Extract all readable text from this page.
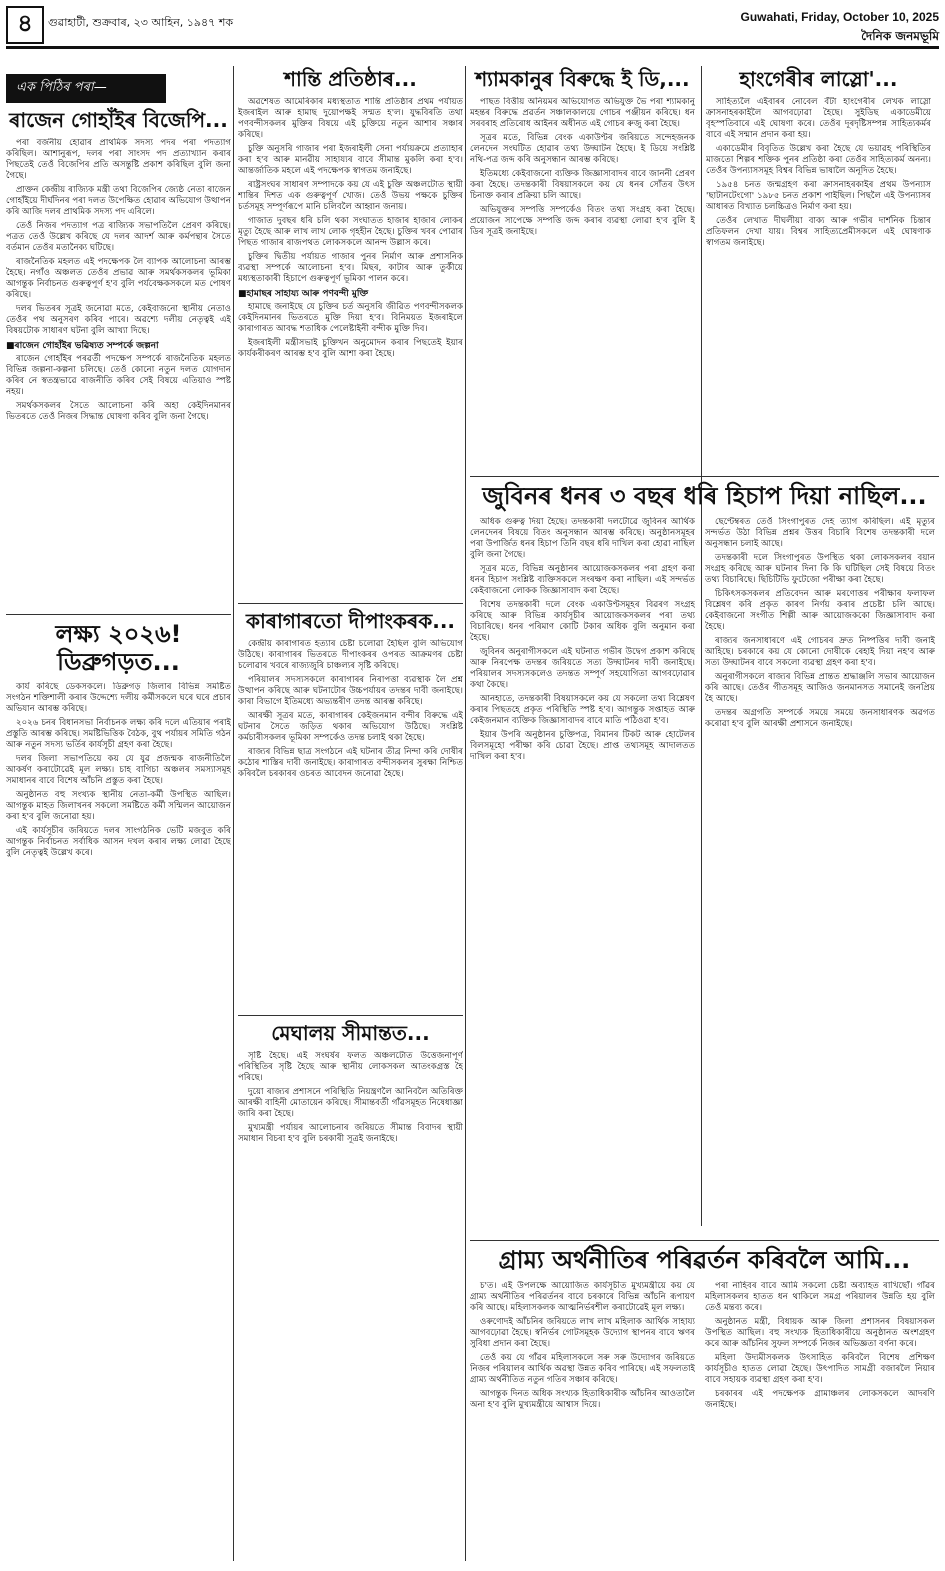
৪	গুৱাহাটী, শুক্ৰবাৰ, ২৩ আহিন, ১৯৪৭ শক	Guwahati, Friday, October 10, 2025
দৈনিক জনমভূমি
এক পিঠিৰ পৰা—
ৰাজেন গোহাঁইৰ বিজেপি...

পৰা বৰ্জনীয় হোৱাৰ প্ৰাথমিক সদস্য পদৰ পৰা পদত্যাগ কৰিছিল। আশানুৰূপ, দলৰ পৰা সাংসদ পদ প্ৰত্যাখ্যান কৰাৰ পিছতেই তেওঁ বিজেপিৰ প্ৰতি অসন্তুষ্টি প্ৰকাশ কৰিছিল বুলি জনা গৈছে।

প্ৰাক্তন কেন্দ্ৰীয় ৰাজ্যিক মন্ত্ৰী তথা বিজেপিৰ জ্যেষ্ঠ নেতা ৰাজেন গোহাঁইয়ে দীৰ্ঘদিনৰ পৰা দলত উপেক্ষিত হোৱাৰ অভিযোগ উত্থাপন কৰি আজি দলৰ প্ৰাথমিক সদস্য পদ এৰিলে।

তেওঁ নিজৰ পদত্যাগ পত্ৰ ৰাজ্যিক সভাপতিলৈ প্ৰেৰণ কৰিছে। পত্ৰত তেওঁ উল্লেখ কৰিছে যে দলৰ আদৰ্শ আৰু কৰ্মপন্থাৰ সৈতে বৰ্তমান তেওঁৰ মতানৈক্য ঘটিছে।

ৰাজনৈতিক মহলত এই পদক্ষেপক লৈ ব্যাপক আলোচনা আৰম্ভ হৈছে। নগাঁও অঞ্চলত তেওঁৰ প্ৰভাৱ আৰু সমৰ্থকসকলৰ ভূমিকা আগন্তুক নিৰ্বাচনত গুৰুত্বপূৰ্ণ হ'ব বুলি পৰ্যবেক্ষকসকলে মত পোষণ কৰিছে।

দলৰ ভিতৰৰ সূত্ৰই জনোৱা মতে, কেইবাজনো স্থানীয় নেতাও তেওঁৰ পথ অনুসৰণ কৰিব পাৰে। অৱশ্যে দলীয় নেতৃত্বই এই বিষয়টোক সাধাৰণ ঘটনা বুলি আখ্যা দিছে।

■ৰাজেন গোহাঁইৰ ভৱিষ্যত সম্পৰ্কে জল্পনা

ৰাজেন গোহাঁইৰ পৰৱৰ্তী পদক্ষেপ সম্পৰ্কে ৰাজনৈতিক মহলত বিভিন্ন জল্পনা-কল্পনা চলিছে। তেওঁ কোনো নতুন দলত যোগদান কৰিব নে স্বতন্ত্ৰভাৱে ৰাজনীতি কৰিব সেই বিষয়ে এতিয়াও স্পষ্ট নহয়।

সমৰ্থকসকলৰ সৈতে আলোচনা কৰি অহা কেইদিনমানৰ ভিতৰতে তেওঁ নিজৰ সিদ্ধান্ত ঘোষণা কৰিব বুলি জনা গৈছে।

লক্ষ্য ২০২৬! ডিব্ৰুগড়ত...

কাৰ্য কৰিছে ডেকসকলে। ডিব্ৰুগড় জিলাৰ বিভিন্ন সমষ্টিত সংগঠন শক্তিশালী কৰাৰ উদ্দেশ্যে দলীয় কৰ্মীসকলে ঘৰে ঘৰে প্ৰচাৰ অভিযান আৰম্ভ কৰিছে।

২০২৬ চনৰ বিধানসভা নিৰ্বাচনক লক্ষ্য কৰি দলে এতিয়াৰ পৰাই প্ৰস্তুতি আৰম্ভ কৰিছে। সমষ্টিভিত্তিক বৈঠক, বুথ পৰ্যায়ৰ সমিতি গঠন আৰু নতুন সদস্য ভৰ্তিৰ কাৰ্যসূচী গ্ৰহণ কৰা হৈছে।

দলৰ জিলা সভাপতিয়ে কয় যে যুৱ প্ৰজন্মক ৰাজনীতিলৈ আকৰ্ষণ কৰাটোৱেই মূল লক্ষ্য। চাহ বাগিচা অঞ্চলৰ সমস্যাসমূহ সমাধানৰ বাবে বিশেষ আঁচনি প্ৰস্তুত কৰা হৈছে।

অনুষ্ঠানত বহু সংখ্যক স্থানীয় নেতা-কৰ্মী উপস্থিত আছিল। আগন্তুক মাহত জিলাখনৰ সকলো সমষ্টিতে কৰ্মী সন্মিলন আয়োজন কৰা হ'ব বুলি জনোৱা হয়।

এই কাৰ্যসূচীৰ জৰিয়তে দলৰ সাংগঠনিক ভেটি মজবুত কৰি আগন্তুক নিৰ্বাচনত সৰ্বাধিক আসন দখল কৰাৰ লক্ষ্য লোৱা হৈছে বুলি নেতৃত্বই উল্লেখ কৰে।

শান্তি প্ৰতিষ্ঠাৰ...

অৱশেষত আমেৰিকাৰ মধ্যস্থতাত শান্তি প্ৰতিষ্ঠাৰ প্ৰথম পৰ্যায়ত ইজৰাইল আৰু হামাছ দুয়োপক্ষই সন্মত হ'ল। যুদ্ধবিৰতি তথা পণবন্দীসকলৰ মুক্তিৰ বিষয়ে এই চুক্তিয়ে নতুন আশাৰ সঞ্চাৰ কৰিছে।

চুক্তি অনুসৰি গাজাৰ পৰা ইজৰাইলী সেনা পৰ্যায়ক্ৰমে প্ৰত্যাহাৰ কৰা হ'ব আৰু মানৱীয় সাহায্যৰ বাবে সীমান্ত মুকলি কৰা হ'ব। আন্তৰ্জাতিক মহলে এই পদক্ষেপক স্বাগতম জনাইছে।

ৰাষ্ট্ৰসংঘৰ সাধাৰণ সম্পাদকে কয় যে এই চুক্তি অঞ্চলটোত স্থায়ী শান্তিৰ দিশত এক গুৰুত্বপূৰ্ণ খোজ। তেওঁ উভয় পক্ষকে চুক্তিৰ চৰ্তসমূহ সম্পূৰ্ণৰূপে মানি চলিবলৈ আহ্বান জনায়।

গাজাত দুবছৰ ধৰি চলি থকা সংঘাতত হাজাৰ হাজাৰ লোকৰ মৃত্যু হৈছে আৰু লাখ লাখ লোক গৃহহীন হৈছে। চুক্তিৰ খবৰ পোৱাৰ পিছত গাজাৰ ৰাজপথত লোকসকলে আনন্দ উল্লাস কৰে।

চুক্তিৰ দ্বিতীয় পৰ্যায়ত গাজাৰ পুনৰ নিৰ্মাণ আৰু প্ৰশাসনিক ব্যৱস্থা সম্পৰ্কে আলোচনা হ'ব। মিছৰ, কাটাৰ আৰু তুৰ্কীয়ে মধ্যস্থতাকাৰী হিচাপে গুৰুত্বপূৰ্ণ ভূমিকা পালন কৰে।

■হামাছৰ সাহায্য আৰু পণবন্দী মুক্তি

হামাছে জনাইছে যে চুক্তিৰ চৰ্ত অনুসৰি জীৱিত পণবন্দীসকলক কেইদিনমানৰ ভিতৰতে মুক্তি দিয়া হ'ব। বিনিময়ত ইজৰাইলে কাৰাগাৰত আবদ্ধ শতাধিক পেলেষ্টাইনী বন্দীক মুক্তি দিব।

ইজৰাইলী মন্ত্ৰীসভাই চুক্তিখন অনুমোদন কৰাৰ পিছতেই ইয়াৰ কাৰ্যকৰীকৰণ আৰম্ভ হ'ব বুলি আশা কৰা হৈছে।

কাৰাগাৰতো দীপাংকৰক...

কেন্দ্ৰীয় কাৰাগাৰত হত্যাৰ চেষ্টা চলোৱা হৈছিল বুলি অভিযোগ উঠিছে। কাৰাগাৰৰ ভিতৰতে দীপাংকৰৰ ওপৰত আক্ৰমণৰ চেষ্টা চলোৱাৰ খবৰে ৰাজ্যজুৰি চাঞ্চল্যৰ সৃষ্টি কৰিছে।

পৰিয়ালৰ সদস্যসকলে কাৰাগাৰৰ নিৰাপত্তা ব্যৱস্থাক লৈ প্ৰশ্ন উত্থাপন কৰিছে আৰু ঘটনাটোৰ উচ্চপৰ্যায়ৰ তদন্তৰ দাবী জনাইছে। কাৰা বিভাগে ইতিমধ্যে অভ্যন্তৰীণ তদন্ত আৰম্ভ কৰিছে।

আৰক্ষী সূত্ৰৰ মতে, কাৰাগাৰৰ কেইজনমান বন্দীৰ বিৰুদ্ধে এই ঘটনাৰ সৈতে জড়িত থকাৰ অভিযোগ উঠিছে। সংশ্লিষ্ট কৰ্মচাৰীসকলৰ ভূমিকা সম্পৰ্কেও তদন্ত চলাই থকা হৈছে।

ৰাজ্যৰ বিভিন্ন ছাত্ৰ সংগঠনে এই ঘটনাৰ তীব্ৰ নিন্দা কৰি দোষীৰ কঠোৰ শাস্তিৰ দাবী জনাইছে। কাৰাগাৰত বন্দীসকলৰ সুৰক্ষা নিশ্চিত কৰিবলৈ চৰকাৰৰ ওচৰত আবেদন জনোৱা হৈছে।

মেঘালয় সীমান্তত...

সৃষ্টি হৈছে। এই সংঘৰ্ষৰ ফলত অঞ্চলটোত উত্তেজনাপূৰ্ণ পৰিস্থিতিৰ সৃষ্টি হৈছে আৰু স্থানীয় লোকসকল আতংকগ্ৰস্ত হৈ পৰিছে।

দুয়ো ৰাজ্যৰ প্ৰশাসনে পৰিস্থিতি নিয়ন্ত্ৰণলৈ আনিবলৈ অতিৰিক্ত আৰক্ষী বাহিনী মোতায়েন কৰিছে। সীমান্তবৰ্তী গাঁৱসমূহত নিষেধাজ্ঞা জাৰি কৰা হৈছে।

মুখ্যমন্ত্ৰী পৰ্যায়ৰ আলোচনাৰ জৰিয়তে সীমান্ত বিবাদৰ স্থায়ী সমাধান বিচৰা হ'ব বুলি চৰকাৰী সূত্ৰই জনাইছে।

শ্যামকানুৰ বিৰুদ্ধে ই ডি,...

পাছত বিত্তীয় অনিয়মৰ অভিযোগত অভিযুক্ত ভৈ পৰা শ্যামকানু মহন্তৰ বিৰুদ্ধে প্ৰৱৰ্তন সঞ্চালকালয়ে গোচৰ পঞ্জীয়ন কৰিছে। ধন সৰবৰাহ প্ৰতিৰোধ আইনৰ অধীনত এই গোচৰ ৰুজু কৰা হৈছে।

সূত্ৰৰ মতে, বিভিন্ন বেংক একাউণ্টৰ জৰিয়তে সন্দেহজনক লেনদেন সংঘটিত হোৱাৰ তথ্য উদ্ঘাটন হৈছে। ই ডিয়ে সংশ্লিষ্ট নথি-পত্ৰ জব্দ কৰি অনুসন্ধান আৰম্ভ কৰিছে।

ইতিমধ্যে কেইবাজনো ব্যক্তিক জিজ্ঞাসাবাদৰ বাবে জাননী প্ৰেৰণ কৰা হৈছে। তদন্তকাৰী বিষয়াসকলে কয় যে ধনৰ সোঁতৰ উৎস চিনাক্ত কৰাৰ প্ৰক্ৰিয়া চলি আছে।

অভিযুক্তৰ সম্পত্তি সম্পৰ্কেও বিতং তথ্য সংগ্ৰহ কৰা হৈছে। প্ৰয়োজন সাপেক্ষে সম্পত্তি জব্দ কৰাৰ ব্যৱস্থা লোৱা হ'ব বুলি ই ডিৰ সূত্ৰই জনাইছে।

হাংগেৰীৰ লাস্লো'...

সাহিত্যলৈ এইবাৰৰ নোবেল বঁটা হাংগেৰীৰ লেখক লাস্লো ক্ৰাসনাহৰকাইলৈ আগবঢ়োৱা হৈছে। সুইডিছ একাডেমীয়ে বৃহস্পতিবাৰে এই ঘোষণা কৰে। তেওঁৰ দূৰদৃষ্টিসম্পন্ন সাহিত্যকৰ্মৰ বাবে এই সন্মান প্ৰদান কৰা হয়।

একাডেমীৰ বিবৃতিত উল্লেখ কৰা হৈছে যে ভয়াৱহ পৰিস্থিতিৰ মাজতো শিল্পৰ শক্তিক পুনৰ প্ৰতিষ্ঠা কৰা তেওঁৰ সাহিত্যকৰ্ম অনন্য। তেওঁৰ উপন্যাসসমূহ বিশ্বৰ বিভিন্ন ভাষালৈ অনূদিত হৈছে।

১৯৫৪ চনত জন্মগ্ৰহণ কৰা ক্ৰাসনাহৰকাইৰ প্ৰথম উপন্যাস 'ছাটানটেংগো' ১৯৮৫ চনত প্ৰকাশ পাইছিল। পিছলৈ এই উপন্যাসৰ আধাৰত বিখ্যাত চলচ্চিত্ৰও নিৰ্মাণ কৰা হয়।

তেওঁৰ লেখাত দীঘলীয়া বাক্য আৰু গভীৰ দাৰ্শনিক চিন্তাৰ প্ৰতিফলন দেখা যায়। বিশ্বৰ সাহিত্যপ্ৰেমীসকলে এই ঘোষণাক স্বাগতম জনাইছে।

জুবিনৰ ধনৰ ৩ বছৰ ধৰি হিচাপ দিয়া নাছিল...

অধিক গুৰুত্ব দিয়া হৈছে। তদন্তকাৰী দলটোৱে জুবিনৰ আৰ্থিক লেনদেনৰ বিষয়ে বিতং অনুসন্ধান আৰম্ভ কৰিছে। অনুষ্ঠানসমূহৰ পৰা উপাৰ্জিত ধনৰ হিচাপ তিনি বছৰ ধৰি দাখিল কৰা হোৱা নাছিল বুলি জনা গৈছে।

সূত্ৰৰ মতে, বিভিন্ন অনুষ্ঠানৰ আয়োজকসকলৰ পৰা গ্ৰহণ কৰা ধনৰ হিচাপ সংশ্লিষ্ট ব্যক্তিসকলে সংৰক্ষণ কৰা নাছিল। এই সন্দৰ্ভত কেইবাজনো লোকক জিজ্ঞাসাবাদ কৰা হৈছে।

বিশেষ তদন্তকাৰী দলে বেংক একাউণ্টসমূহৰ বিৱৰণ সংগ্ৰহ কৰিছে আৰু বিভিন্ন কাৰ্যসূচীৰ আয়োজকসকলৰ পৰা তথ্য বিচাৰিছে। ধনৰ পৰিমাণ কোটি টকাৰ অধিক বুলি অনুমান কৰা হৈছে।

জুবিনৰ অনুৰাগীসকলে এই ঘটনাত গভীৰ উদ্বেগ প্ৰকাশ কৰিছে আৰু নিৰপেক্ষ তদন্তৰ জৰিয়তে সত্য উদ্ঘাটনৰ দাবী জনাইছে। পৰিয়ালৰ সদস্যসকলেও তদন্তত সম্পূৰ্ণ সহযোগিতা আগবঢ়োৱাৰ কথা কৈছে।

আনহাতে, তদন্তকাৰী বিষয়াসকলে কয় যে সকলো তথ্য বিশ্লেষণ কৰাৰ পিছতহে প্ৰকৃত পৰিস্থিতি স্পষ্ট হ'ব। আগন্তুক সপ্তাহত আৰু কেইজনমান ব্যক্তিক জিজ্ঞাসাবাদৰ বাবে মাতি পঠিওৱা হ'ব।

ইয়াৰ উপৰি অনুষ্ঠানৰ চুক্তিপত্ৰ, বিমানৰ টিকট আৰু হোটেলৰ বিলসমূহো পৰীক্ষা কৰি চোৱা হৈছে। প্ৰাপ্ত তথ্যসমূহ আদালতত দাখিল কৰা হ'ব।

ছেণ্টেম্বৰত তেওঁ সিংগাপুৰত দেহ ত্যাগ কৰিছিল। এই মৃত্যুৰ সন্দৰ্ভত উঠা বিভিন্ন প্ৰশ্নৰ উত্তৰ বিচাৰি বিশেষ তদন্তকাৰী দলে অনুসন্ধান চলাই আছে।

তদন্তকাৰী দলে সিংগাপুৰত উপস্থিত থকা লোকসকলৰ বয়ান সংগ্ৰহ কৰিছে আৰু ঘটনাৰ দিনা কি কি ঘটিছিল সেই বিষয়ে বিতং তথ্য বিচাৰিছে। ছিচিটিভি ফুটেজো পৰীক্ষা কৰা হৈছে।

চিকিৎসকসকলৰ প্ৰতিবেদন আৰু মৰণোত্তৰ পৰীক্ষাৰ ফলাফল বিশ্লেষণ কৰি প্ৰকৃত কাৰণ নিৰ্ণয় কৰাৰ প্ৰচেষ্টা চলি আছে। কেইবাজনো সংগীত শিল্পী আৰু আয়োজককো জিজ্ঞাসাবাদ কৰা হৈছে।

ৰাজ্যৰ জনসাধাৰণে এই গোচৰৰ দ্ৰুত নিষ্পত্তিৰ দাবী জনাই আহিছে। চৰকাৰে কয় যে কোনো দোষীকে ৰেহাই দিয়া নহ'ব আৰু সত্য উদ্ঘাটনৰ বাবে সকলো ব্যৱস্থা গ্ৰহণ কৰা হ'ব।

অনুৰাগীসকলে ৰাজ্যৰ বিভিন্ন প্ৰান্তত শ্ৰদ্ধাঞ্জলি সভাৰ আয়োজন কৰি আছে। তেওঁৰ গীতসমূহ আজিও জনমানসত সমানেই জনপ্ৰিয় হৈ আছে।

তদন্তৰ অগ্ৰগতি সম্পৰ্কে সময়ে সময়ে জনসাধাৰণক অৱগত কৰোৱা হ'ব বুলি আৰক্ষী প্ৰশাসনে জনাইছে।

গ্ৰাম্য অৰ্থনীতিৰ পৰিৱৰ্তন কৰিবলৈ আমি...

চ'ত। এই উপলক্ষে আয়োজিত কাৰ্যসূচীত মুখ্যমন্ত্ৰীয়ে কয় যে গ্ৰাম্য অৰ্থনীতিৰ পৰিৱৰ্তনৰ বাবে চৰকাৰে বিভিন্ন আঁচনি ৰূপায়ণ কৰি আছে। মহিলাসকলক আত্মনিৰ্ভৰশীল কৰাটোৱেই মূল লক্ষ্য।

ওৰুণোদই আঁচনিৰ জৰিয়তে লাখ লাখ মহিলাক আৰ্থিক সাহায্য আগবঢ়োৱা হৈছে। স্বনিৰ্ভৰ গোটসমূহক উদ্যোগ স্থাপনৰ বাবে ঋণৰ সুবিধা প্ৰদান কৰা হৈছে।

তেওঁ কয় যে গাঁৱৰ মহিলাসকলে সৰু সৰু উদ্যোগৰ জৰিয়তে নিজৰ পৰিয়ালৰ আৰ্থিক অৱস্থা উন্নত কৰিব পাৰিছে। এই সফলতাই গ্ৰাম্য অৰ্থনীতিত নতুন গতিৰ সঞ্চাৰ কৰিছে।

আগন্তুক দিনত অধিক সংখ্যক হিতাধিকাৰীক আঁচনিৰ আওতালৈ অনা হ'ব বুলি মুখ্যমন্ত্ৰীয়ে আশ্বাস দিয়ে।

পৰা নাহিবৰ বাবে আমি সকলো চেষ্টা অব্যাহত ৰাখিছোঁ। গাঁৱৰ মহিলাসকলৰ হাতত ধন থাকিলে সমগ্ৰ পৰিয়ালৰ উন্নতি হয় বুলি তেওঁ মন্তব্য কৰে।

অনুষ্ঠানত মন্ত্ৰী, বিধায়ক আৰু জিলা প্ৰশাসনৰ বিষয়াসকল উপস্থিত আছিল। বহু সংখ্যক হিতাধিকাৰীয়ে অনুষ্ঠানত অংশগ্ৰহণ কৰে আৰু আঁচনিৰ সুফল সম্পৰ্কে নিজৰ অভিজ্ঞতা বৰ্ণনা কৰে।

মহিলা উদ্যমীসকলক উৎসাহিত কৰিবলৈ বিশেষ প্ৰশিক্ষণ কাৰ্যসূচীও হাতত লোৱা হৈছে। উৎপাদিত সামগ্ৰী বজাৰলৈ নিয়াৰ বাবে সহায়ক ব্যৱস্থা গ্ৰহণ কৰা হ'ব।

চৰকাৰৰ এই পদক্ষেপক গ্ৰামাঞ্চলৰ লোকসকলে আদৰণি জনাইছে।
